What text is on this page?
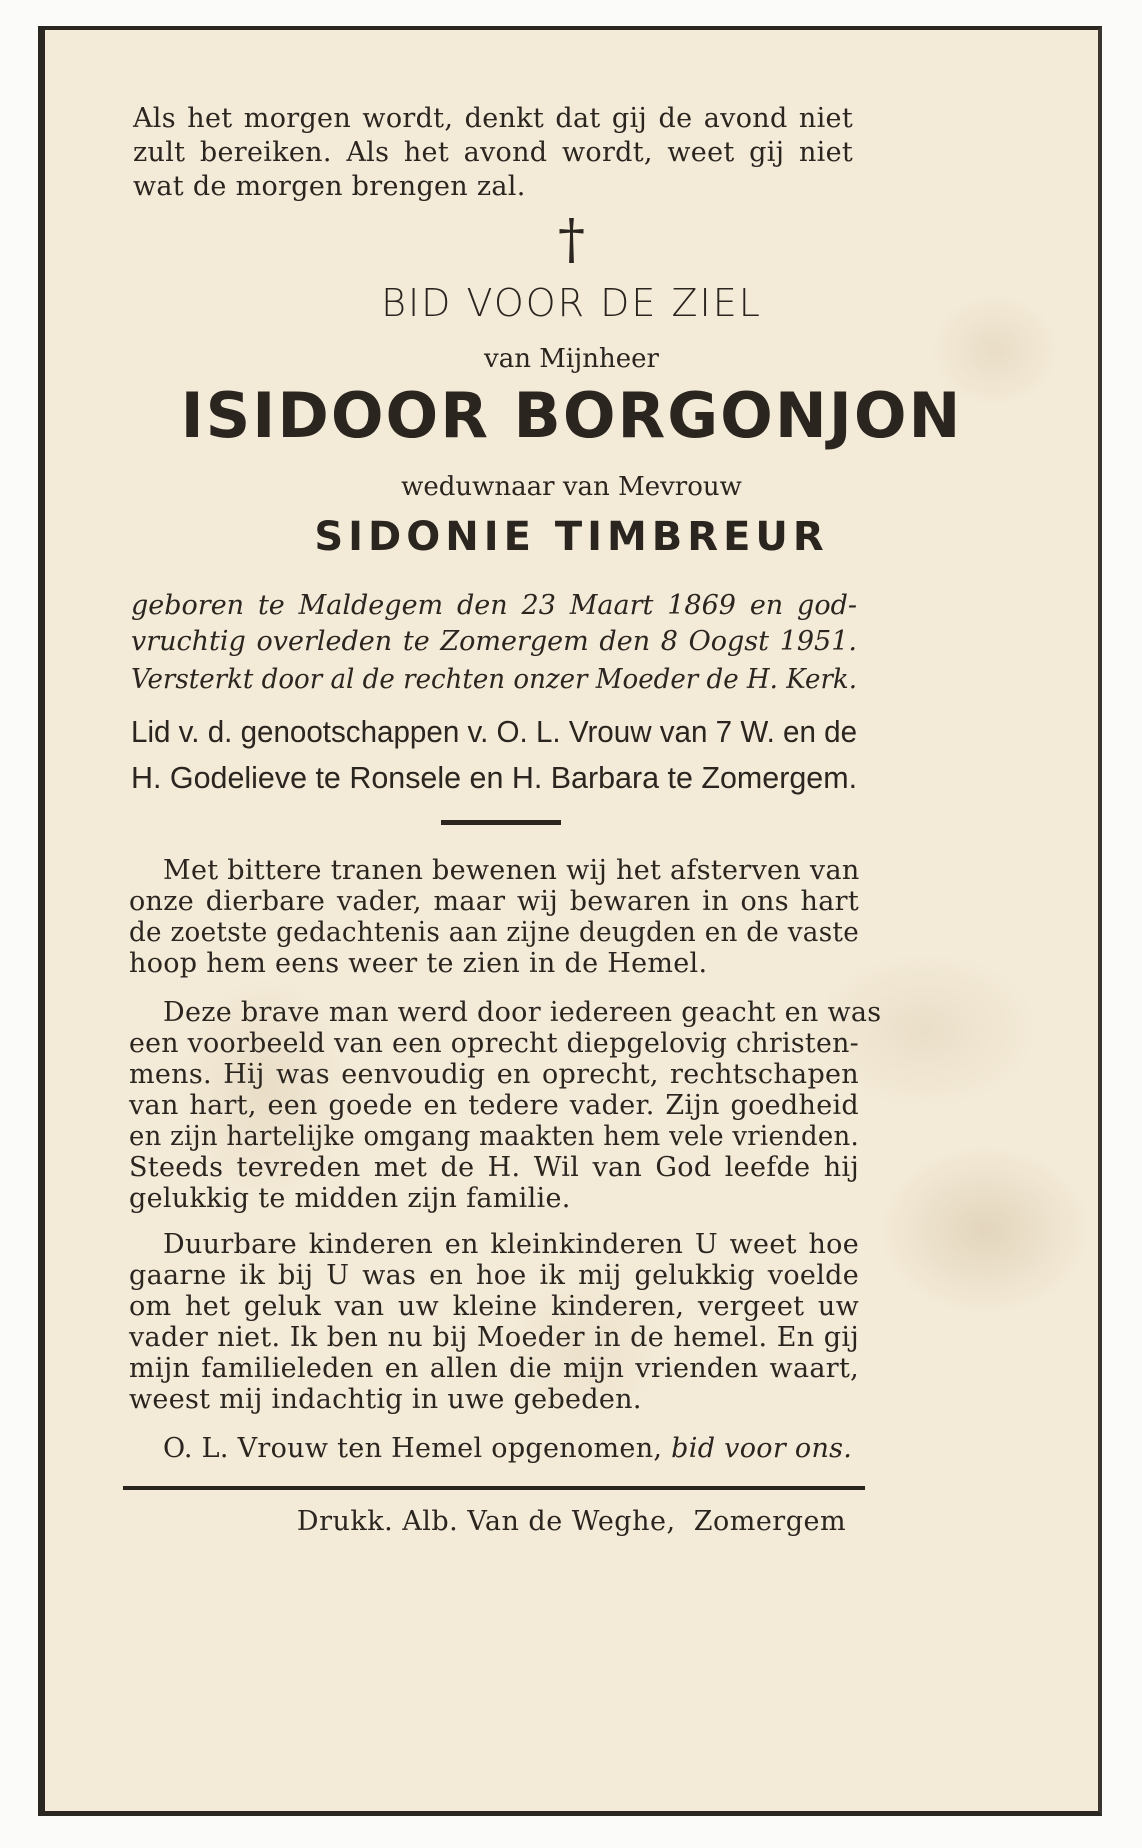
Als het morgen wordt, denkt dat gij de avond niet
zult bereiken. Als het avond wordt, weet gij niet
wat de morgen brengen zal.
†
BID VOOR DE ZIEL
van Mijnheer
ISIDOOR BORGONJON
weduwnaar van Mevrouw
SIDONIE TIMBREUR
geboren te Maldegem den 23 Maart 1869 en god-
vruchtig overleden te Zomergem den 8 Oogst 1951.
Versterkt door al de rechten onzer Moeder de H. Kerk.
Lid v. d. genootschappen v. O. L. Vrouw van 7 W. en de
H. Godelieve te Ronsele en H. Barbara te Zomergem.
Met bittere tranen bewenen wij het afsterven van
onze dierbare vader, maar wij bewaren in ons hart
de zoetste gedachtenis aan zijne deugden en de vaste
hoop hem eens weer te zien in de Hemel.
Deze brave man werd door iedereen geacht en was
een voorbeeld van een oprecht diepgelovig christen-
mens. Hij was eenvoudig en oprecht, rechtschapen
van hart, een goede en tedere vader. Zijn goedheid
en zijn hartelijke omgang maakten hem vele vrienden.
Steeds tevreden met de H. Wil van God leefde hij
gelukkig te midden zijn familie.
Duurbare kinderen en kleinkinderen U weet hoe
gaarne ik bij U was en hoe ik mij gelukkig voelde
om het geluk van uw kleine kinderen, vergeet uw
vader niet. Ik ben nu bij Moeder in de hemel. En gij
mijn familieleden en allen die mijn vrienden waart,
weest mij indachtig in uwe gebeden.
O. L. Vrouw ten Hemel opgenomen, bid voor ons.
Drukk. Alb. Van de Weghe,  Zomergem
